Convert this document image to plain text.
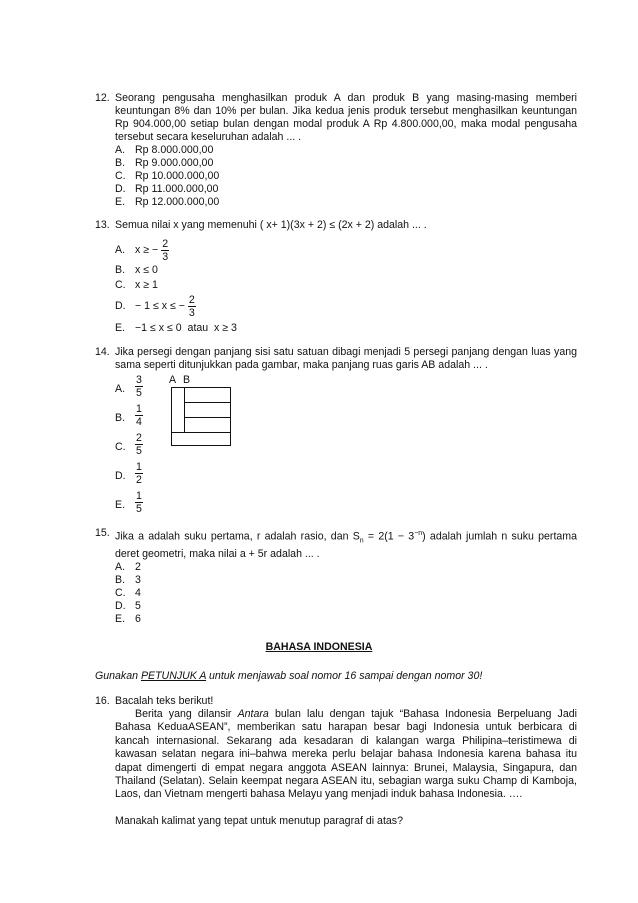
12. Seorang pengusaha menghasilkan produk A dan produk B yang masing-masing memberi keuntungan 8% dan 10% per bulan. Jika kedua jenis produk tersebut menghasilkan keuntungan Rp 904.000,00 setiap bulan dengan modal produk A Rp 4.800.000,00, maka modal pengusaha tersebut secara keseluruhan adalah ... .
A. Rp 8.000.000,00
B. Rp 9.000.000,00
C. Rp 10.000.000,00
D. Rp 11.000.000,00
E. Rp 12.000.000,00
13. Semua nilai x yang memenuhi ( x+ 1)(3x + 2) ≤ (2x + 2) adalah ... .
A. x ≥ − $\frac{2}{3}$
B. x ≤ 0
C. x ≥ 1
D. − 1 ≤ x ≤ − $\frac{2}{3}$
E. −1 ≤ x ≤ 0  atau  x ≥ 3
14. Jika persegi dengan panjang sisi satu satuan dibagi menjadi 5 persegi panjang dengan luas yang sama seperti ditunjukkan pada gambar, maka panjang ruas garis AB adalah ... .
A. $\frac{3}{5}$
B. $\frac{1}{4}$
C. $\frac{2}{5}$
D. $\frac{1}{2}$
E. $\frac{1}{5}$
A B
15. Jika a adalah suku pertama, r adalah rasio, dan $S_n = 2(1 - 3^{-n})$ adalah jumlah n suku pertama deret geometri, maka nilai a + 5r adalah ... .
A. 2
B. 3
C. 4
D. 5
E. 6
BAHASA INDONESIA
Gunakan PETUNJUK A untuk menjawab soal nomor 16 sampai dengan nomor 30!
16. Bacalah teks berikut!
Berita yang dilansir Antara bulan lalu dengan tajuk “Bahasa Indonesia Berpeluang Jadi Bahasa KeduaASEAN”, memberikan satu harapan besar bagi Indonesia untuk berbicara di kancah internasional. Sekarang ada kesadaran di kalangan warga Philipina–teristimewa di kawasan selatan negara ini–bahwa mereka perlu belajar bahasa Indonesia karena bahasa itu dapat dimengerti di empat negara anggota ASEAN lainnya: Brunei, Malaysia, Singapura, dan Thailand (Selatan). Selain keempat negara ASEAN itu, sebagian warga suku Champ di Kamboja, Laos, dan Vietnam mengerti bahasa Melayu yang menjadi induk bahasa Indonesia. ….
Manakah kalimat yang tepat untuk menutup paragraf di atas?
